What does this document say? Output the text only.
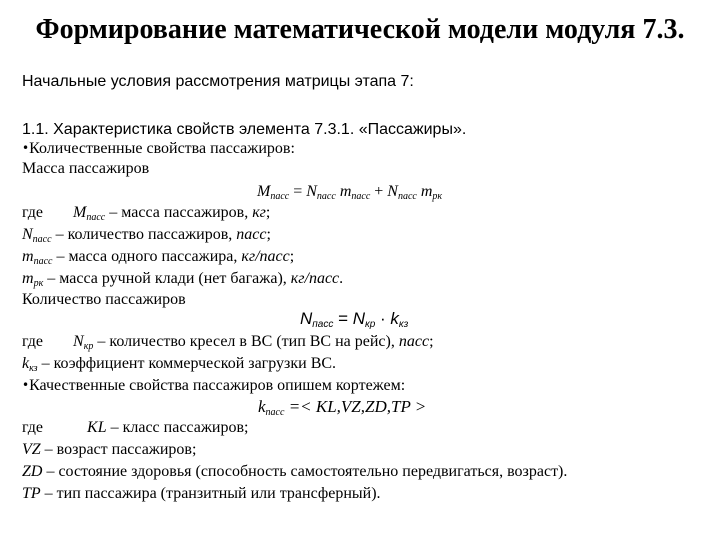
Формирование математической модели модуля 7.3.
Начальные условия рассмотрения матрицы этапа 7:
1.1. Характеристика свойств элемента 7.3.1. «Пассажиры».
•Количественные свойства пассажиров:
Масса пассажиров
$M_{пасс} = N_{пасс}$ $m_{пасс} + N_{пасс}$ $m_{рк}$
где $M_{пасс}$ – масса пассажиров, кг;
$N_{пасс}$ – количество пассажиров, пасс;
$m_{пасс}$ – масса одного пассажира, кг/пасс;
$m_{рк}$ – масса ручной клади (нет багажа), кг/пасс.
Количество пассажиров
$N_{пасс} = N_{кр} \cdot k_{кз}$
где $N_{кр}$ – количество кресел в ВС (тип ВС на рейс), пасс;
$k_{кз}$ – коэффициент коммерческой загрузки ВС.
•Качественные свойства пассажиров опишем кортежем:
$k_{пасс} =< KL,VZ,ZD,TP$ >
где	KL – класс пассажиров;
VZ – возраст пассажиров;
ZD – состояние здоровья (способность самостоятельно передвигаться, возраст).
TP – тип пассажира (транзитный или трансферный).
